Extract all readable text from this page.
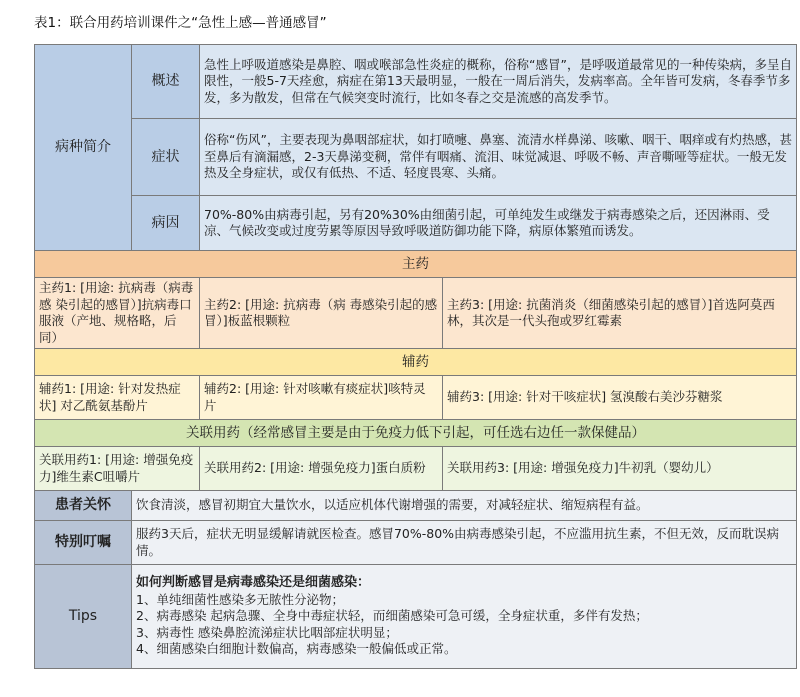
表1：联合用药培训课件之“急性上感—普通感冒”
病种简介	概述	急性上呼吸道感染是鼻腔、咽或喉部急性炎症的概称，俗称“感冒”，是呼吸道最常见的一种传染病，多呈自限性，一般5-7天痊愈，病症在第13天最明显，一般在一周后消失，发病率高。全年皆可发病，冬春季节多发，多为散发，但常在气候突变时流行，比如冬春之交是流感的高发季节。	
	症状	俗称“伤风”，主要表现为鼻咽部症状，如打喷嚏、鼻塞、流清水样鼻涕、咳嗽、咽干、咽痒或有灼热感，甚至鼻后有滴漏感，2-3天鼻涕变稠，常伴有咽痛、流泪、味觉减退、呼吸不畅、声音嘶哑等症状。一般无发热及全身症状，或仅有低热、不适、轻度畏寒、头痛。	
	病因	70%-80%由病毒引起，另有20%30%由细菌引起，可单纯发生或继发于病毒感染之后，还因淋雨、受凉、气候改变或过度劳累等原因导致呼吸道防御功能下降，病原体繁殖而诱发。	
主药			
主药1: [用途: 抗病毒（病毒感 染引起的感冒）]抗病毒口服液（产地、规格略，后同）		主药2: [用途: 抗病毒（病 毒感染引起的感冒）]板蓝根颗粒	主药3: [用途: 抗菌消炎（细菌感染引起的感冒）]首选阿莫西林，其次是一代头孢或罗红霉素
辅药			
辅药1: [用途: 针对发热症状] 对乙酰氨基酚片		辅药2: [用途: 针对咳嗽有痰症状]咳特灵片	辅药3: [用途: 针对干咳症状] 氢溴酸右美沙芬糖浆
关联用药（经常感冒主要是由于免疫力低下引起，可任选右边任一款保健品）			
关联用药1: [用途: 增强免疫力]维生素C咀嚼片		关联用药2: [用途: 增强免疫力]蛋白质粉	关联用药3: [用途: 增强免疫力]牛初乳（婴幼儿）
患者关怀	饮食清淡，感冒初期宜大量饮水，以适应机体代谢增强的需要，对减轻症状、缩短病程有益。		
特别叮嘱	服药3天后，症状无明显缓解请就医检查。感冒70%-80%由病毒感染引起，不应滥用抗生素，不但无效，反而耽误病情。		
Tips	如何判断感冒是病毒感染还是细菌感染：
1、单纯细菌性感染多无脓性分泌物；
2、病毒感染 起病急骤、全身中毒症状轻，而细菌感染可急可缓，全身症状重，多伴有发热；
3、病毒性 感染鼻腔流涕症状比咽部症状明显；
4、细菌感染白细胞计数偏高，病毒感染一般偏低或正常。		
